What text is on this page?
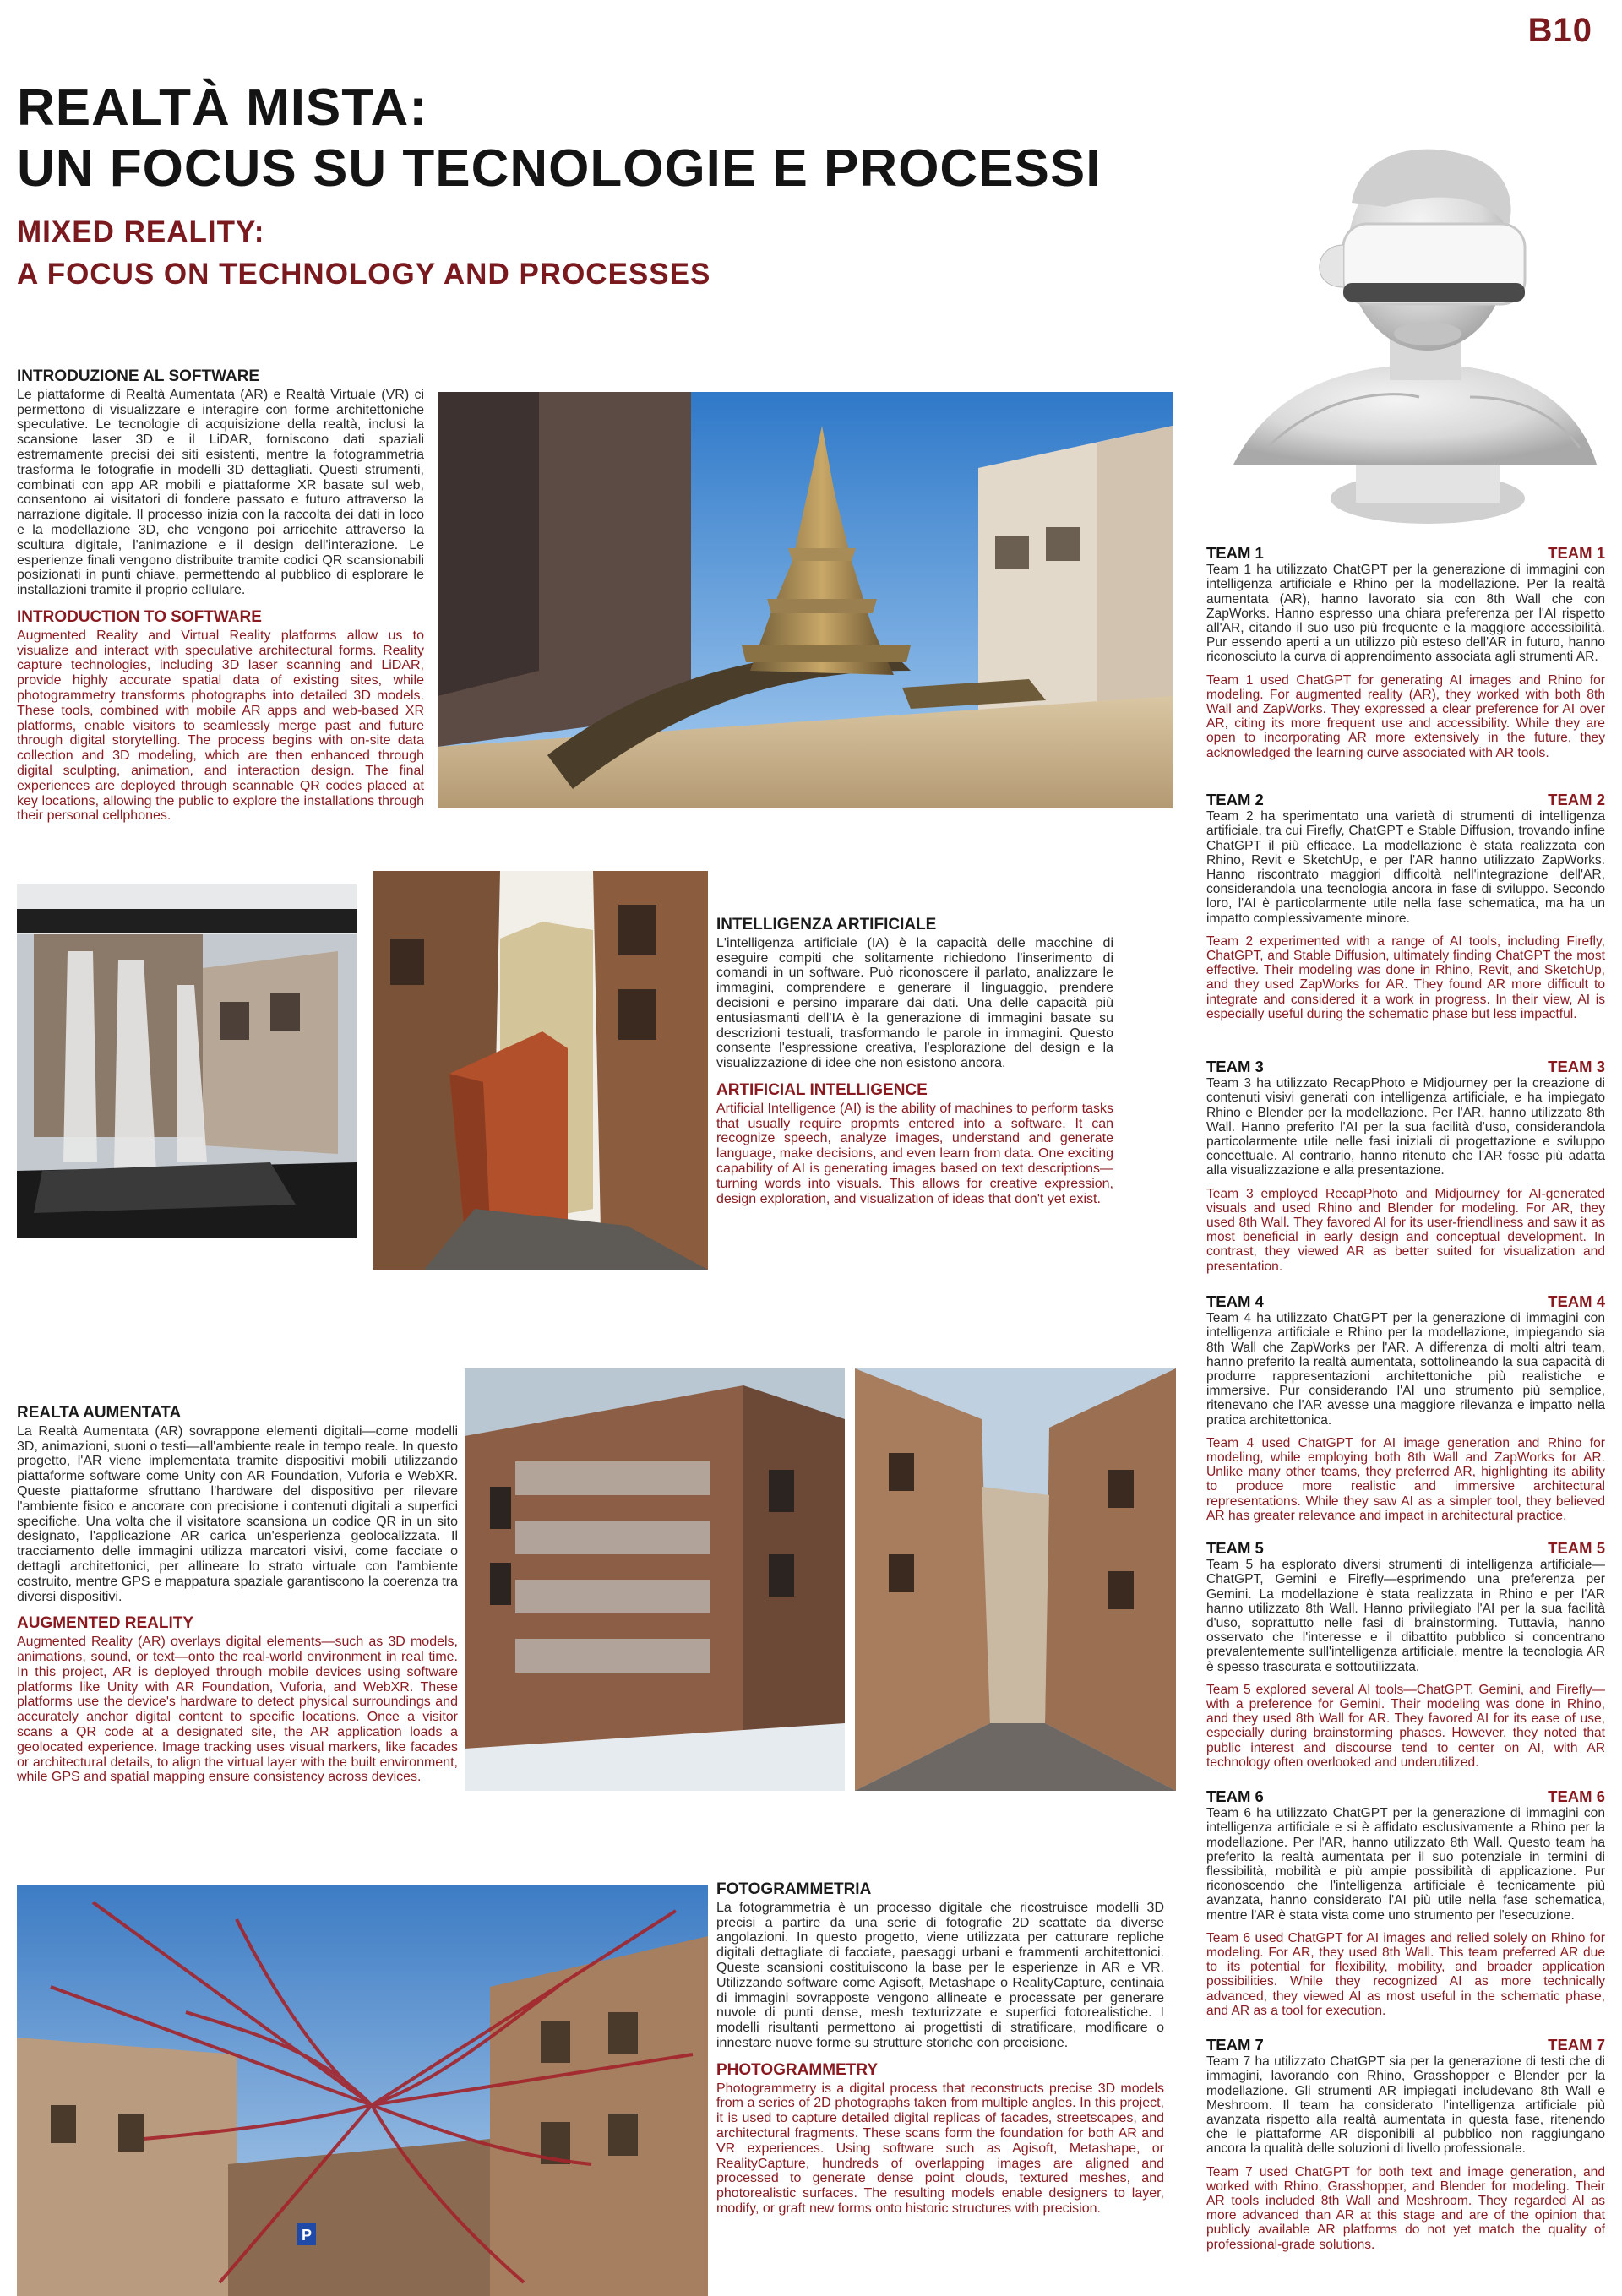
B10
REALTÀ MISTA:
UN FOCUS SU TECNOLOGIE E PROCESSI
MIXED REALITY:
A FOCUS ON TECHNOLOGY AND PROCESSES
INTRODUZIONE AL SOFTWARE

Le piattaforme di Realtà Aumentata (AR) e Realtà Virtuale (VR) ci permettono di visualizzare e interagire con forme architettoniche speculative. Le tecnologie di acquisizione della realtà, inclusi la scansione laser 3D e il LiDAR, forniscono dati spaziali estremamente precisi dei siti esistenti, mentre la fotogrammetria trasforma le fotografie in modelli 3D dettagliati. Questi strumenti, combinati con app AR mobili e piattaforme XR basate sul web, consentono ai visitatori di fondere passato e futuro attraverso la narrazione digitale. Il processo inizia con la raccolta dei dati in loco e la modellazione 3D, che vengono poi arricchite attraverso la scultura digitale, l'animazione e il design dell'interazione. Le esperienze finali vengono distribuite tramite codici QR scansionabili posizionati in punti chiave, permettendo al pubblico di esplorare le installazioni tramite il proprio cellulare.

INTRODUCTION TO SOFTWARE

Augmented Reality and Virtual Reality platforms allow us to visualize and interact with speculative architectural forms. Reality capture technologies, including 3D laser scanning and LiDAR, provide highly accurate spatial data of existing sites, while photogrammetry transforms photographs into detailed 3D models. These tools, combined with mobile AR apps and web-based XR platforms, enable visitors to seamlessly merge past and future through digital storytelling. The process begins with on-site data collection and 3D modeling, which are then enhanced through digital sculpting, animation, and interaction design. The final experiences are deployed through scannable QR codes placed at key locations, allowing the public to explore the installations through their personal cellphones.

INTELLIGENZA ARTIFICIALE

L'intelligenza artificiale (IA) è la capacità delle macchine di eseguire compiti che solitamente richiedono l'inserimento di comandi in un software. Può riconoscere il parlato, analizzare le immagini, comprendere e generare il linguaggio, prendere decisioni e persino imparare dai dati. Una delle capacità più entusiasmanti dell'IA è la generazione di immagini basate su descrizioni testuali, trasformando le parole in immagini. Questo consente l'espressione creativa, l'esplorazione del design e la visualizzazione di idee che non esistono ancora.

ARTIFICIAL INTELLIGENCE

Artificial Intelligence (AI) is the ability of machines to perform tasks that usually require propmts entered into a software. It can recognize speech, analyze images, understand and generate language, make decisions, and even learn from data. One exciting capability of AI is generating images based on text descriptions—turning words into visuals. This allows for creative expression, design exploration, and visualization of ideas that don't yet exist.

REALTA AUMENTATA

La Realtà Aumentata (AR) sovrappone elementi digitali—come modelli 3D, animazioni, suoni o testi—all'ambiente reale in tempo reale. In questo progetto, l'AR viene implementata tramite dispositivi mobili utilizzando piattaforme software come Unity con AR Foundation, Vuforia e WebXR. Queste piattaforme sfruttano l'hardware del dispositivo per rilevare l'ambiente fisico e ancorare con precisione i contenuti digitali a superfici specifiche. Una volta che il visitatore scansiona un codice QR in un sito designato, l'applicazione AR carica un'esperienza geolocalizzata. Il tracciamento delle immagini utilizza marcatori visivi, come facciate o dettagli architettonici, per allineare lo strato virtuale con l'ambiente costruito, mentre GPS e mappatura spaziale garantiscono la coerenza tra diversi dispositivi.

AUGMENTED REALITY

Augmented Reality (AR) overlays digital elements—such as 3D models, animations, sound, or text—onto the real-world environment in real time. In this project, AR is deployed through mobile devices using software platforms like Unity with AR Foundation, Vuforia, and WebXR. These platforms use the device's hardware to detect physical surroundings and accurately anchor digital content to specific locations. Once a visitor scans a QR code at a designated site, the AR application loads a geolocated experience. Image tracking uses visual markers, like facades or architectural details, to align the virtual layer with the built environment, while GPS and spatial mapping ensure consistency across devices.

P
FOTOGRAMMETRIA

La fotogrammetria è un processo digitale che ricostruisce modelli 3D precisi a partire da una serie di fotografie 2D scattate da diverse angolazioni. In questo progetto, viene utilizzata per catturare repliche digitali dettagliate di facciate, paesaggi urbani e frammenti architettonici. Queste scansioni costituiscono la base per le esperienze in AR e VR. Utilizzando software come Agisoft, Metashape o RealityCapture, centinaia di immagini sovrapposte vengono allineate e processate per generare nuvole di punti dense, mesh texturizzate e superfici fotorealistiche. I modelli risultanti permettono ai progettisti di stratificare, modificare o innestare nuove forme su strutture storiche con precisione.

PHOTOGRAMMETRY

Photogrammetry is a digital process that reconstructs precise 3D models from a series of 2D photographs taken from multiple angles. In this project, it is used to capture detailed digital replicas of facades, streetscapes, and architectural fragments. These scans form the foundation for both AR and VR experiences. Using software such as Agisoft, Metashape, or RealityCapture, hundreds of overlapping images are aligned and processed to generate dense point clouds, textured meshes, and photorealistic surfaces. The resulting models enable designers to layer, modify, or graft new forms onto historic structures with precision.

TEAM 1	TEAM 1

Team 1 ha utilizzato ChatGPT per la generazione di immagini con intelligenza artificiale e Rhino per la modellazione. Per la realtà aumentata (AR), hanno lavorato sia con 8th Wall che con ZapWorks. Hanno espresso una chiara preferenza per l'AI rispetto all'AR, citando il suo uso più frequente e la maggiore accessibilità. Pur essendo aperti a un utilizzo più esteso dell'AR in futuro, hanno riconosciuto la curva di apprendimento associata agli strumenti AR.

Team 1 used ChatGPT for generating AI images and Rhino for modeling. For augmented reality (AR), they worked with both 8th Wall and ZapWorks. They expressed a clear preference for AI over AR, citing its more frequent use and accessibility. While they are open to incorporating AR more extensively in the future, they acknowledged the learning curve associated with AR tools.

TEAM 2	TEAM 2

Team 2 ha sperimentato una varietà di strumenti di intelligenza artificiale, tra cui Firefly, ChatGPT e Stable Diffusion, trovando infine ChatGPT il più efficace. La modellazione è stata realizzata con Rhino, Revit e SketchUp, e per l'AR hanno utilizzato ZapWorks. Hanno riscontrato maggiori difficoltà nell'integrazione dell'AR, considerandola una tecnologia ancora in fase di sviluppo. Secondo loro, l'AI è particolarmente utile nella fase schematica, ma ha un impatto complessivamente minore.

Team 2 experimented with a range of AI tools, including Firefly, ChatGPT, and Stable Diffusion, ultimately finding ChatGPT the most effective. Their modeling was done in Rhino, Revit, and SketchUp, and they used ZapWorks for AR. They found AR more difficult to integrate and considered it a work in progress. In their view, AI is especially useful during the schematic phase but less impactful.

TEAM 3	TEAM 3

Team 3 ha utilizzato RecapPhoto e Midjourney per la creazione di contenuti visivi generati con intelligenza artificiale, e ha impiegato Rhino e Blender per la modellazione. Per l'AR, hanno utilizzato 8th Wall. Hanno preferito l'AI per la sua facilità d'uso, considerandola particolarmente utile nelle fasi iniziali di progettazione e sviluppo concettuale. Al contrario, hanno ritenuto che l'AR fosse più adatta alla visualizzazione e alla presentazione.

Team 3 employed RecapPhoto and Midjourney for AI-generated visuals and used Rhino and Blender for modeling. For AR, they used 8th Wall. They favored AI for its user-friendliness and saw it as most beneficial in early design and conceptual development. In contrast, they viewed AR as better suited for visualization and presentation.

TEAM 4	TEAM 4

Team 4 ha utilizzato ChatGPT per la generazione di immagini con intelligenza artificiale e Rhino per la modellazione, impiegando sia 8th Wall che ZapWorks per l'AR. A differenza di molti altri team, hanno preferito la realtà aumentata, sottolineando la sua capacità di produrre rappresentazioni architettoniche più realistiche e immersive. Pur considerando l'AI uno strumento più semplice, ritenevano che l'AR avesse una maggiore rilevanza e impatto nella pratica architettonica.

Team 4 used ChatGPT for AI image generation and Rhino for modeling, while employing both 8th Wall and ZapWorks for AR. Unlike many other teams, they preferred AR, highlighting its ability to produce more realistic and immersive architectural representations. While they saw AI as a simpler tool, they believed AR has greater relevance and impact in architectural practice.

TEAM 5	TEAM 5

Team 5 ha esplorato diversi strumenti di intelligenza artificiale—ChatGPT, Gemini e Firefly—esprimendo una preferenza per Gemini. La modellazione è stata realizzata in Rhino e per l'AR hanno utilizzato 8th Wall. Hanno privilegiato l'AI per la sua facilità d'uso, soprattutto nelle fasi di brainstorming. Tuttavia, hanno osservato che l'interesse e il dibattito pubblico si concentrano prevalentemente sull'intelligenza artificiale, mentre la tecnologia AR è spesso trascurata e sottoutilizzata.

Team 5 explored several AI tools—ChatGPT, Gemini, and Firefly—with a preference for Gemini. Their modeling was done in Rhino, and they used 8th Wall for AR. They favored AI for its ease of use, especially during brainstorming phases. However, they noted that public interest and discourse tend to center on AI, with AR technology often overlooked and underutilized.

TEAM 6	TEAM 6

Team 6 ha utilizzato ChatGPT per la generazione di immagini con intelligenza artificiale e si è affidato esclusivamente a Rhino per la modellazione. Per l'AR, hanno utilizzato 8th Wall. Questo team ha preferito la realtà aumentata per il suo potenziale in termini di flessibilità, mobilità e più ampie possibilità di applicazione. Pur riconoscendo che l'intelligenza artificiale è tecnicamente più avanzata, hanno considerato l'AI più utile nella fase schematica, mentre l'AR è stata vista come uno strumento per l'esecuzione.

Team 6 used ChatGPT for AI images and relied solely on Rhino for modeling. For AR, they used 8th Wall. This team preferred AR due to its potential for flexibility, mobility, and broader application possibilities. While they recognized AI as more technically advanced, they viewed AI as most useful in the schematic phase, and AR as a tool for execution.

TEAM 7	TEAM 7

Team 7 ha utilizzato ChatGPT sia per la generazione di testi che di immagini, lavorando con Rhino, Grasshopper e Blender per la modellazione. Gli strumenti AR impiegati includevano 8th Wall e Meshroom. Il team ha considerato l'intelligenza artificiale più avanzata rispetto alla realtà aumentata in questa fase, ritenendo che le piattaforme AR disponibili al pubblico non raggiungano ancora la qualità delle soluzioni di livello professionale.

Team 7 used ChatGPT for both text and image generation, and worked with Rhino, Grasshopper, and Blender for modeling. Their AR tools included 8th Wall and Meshroom. They regarded AI as more advanced than AR at this stage and are of the opinion that publicly available AR platforms do not yet match the quality of professional-grade solutions.
